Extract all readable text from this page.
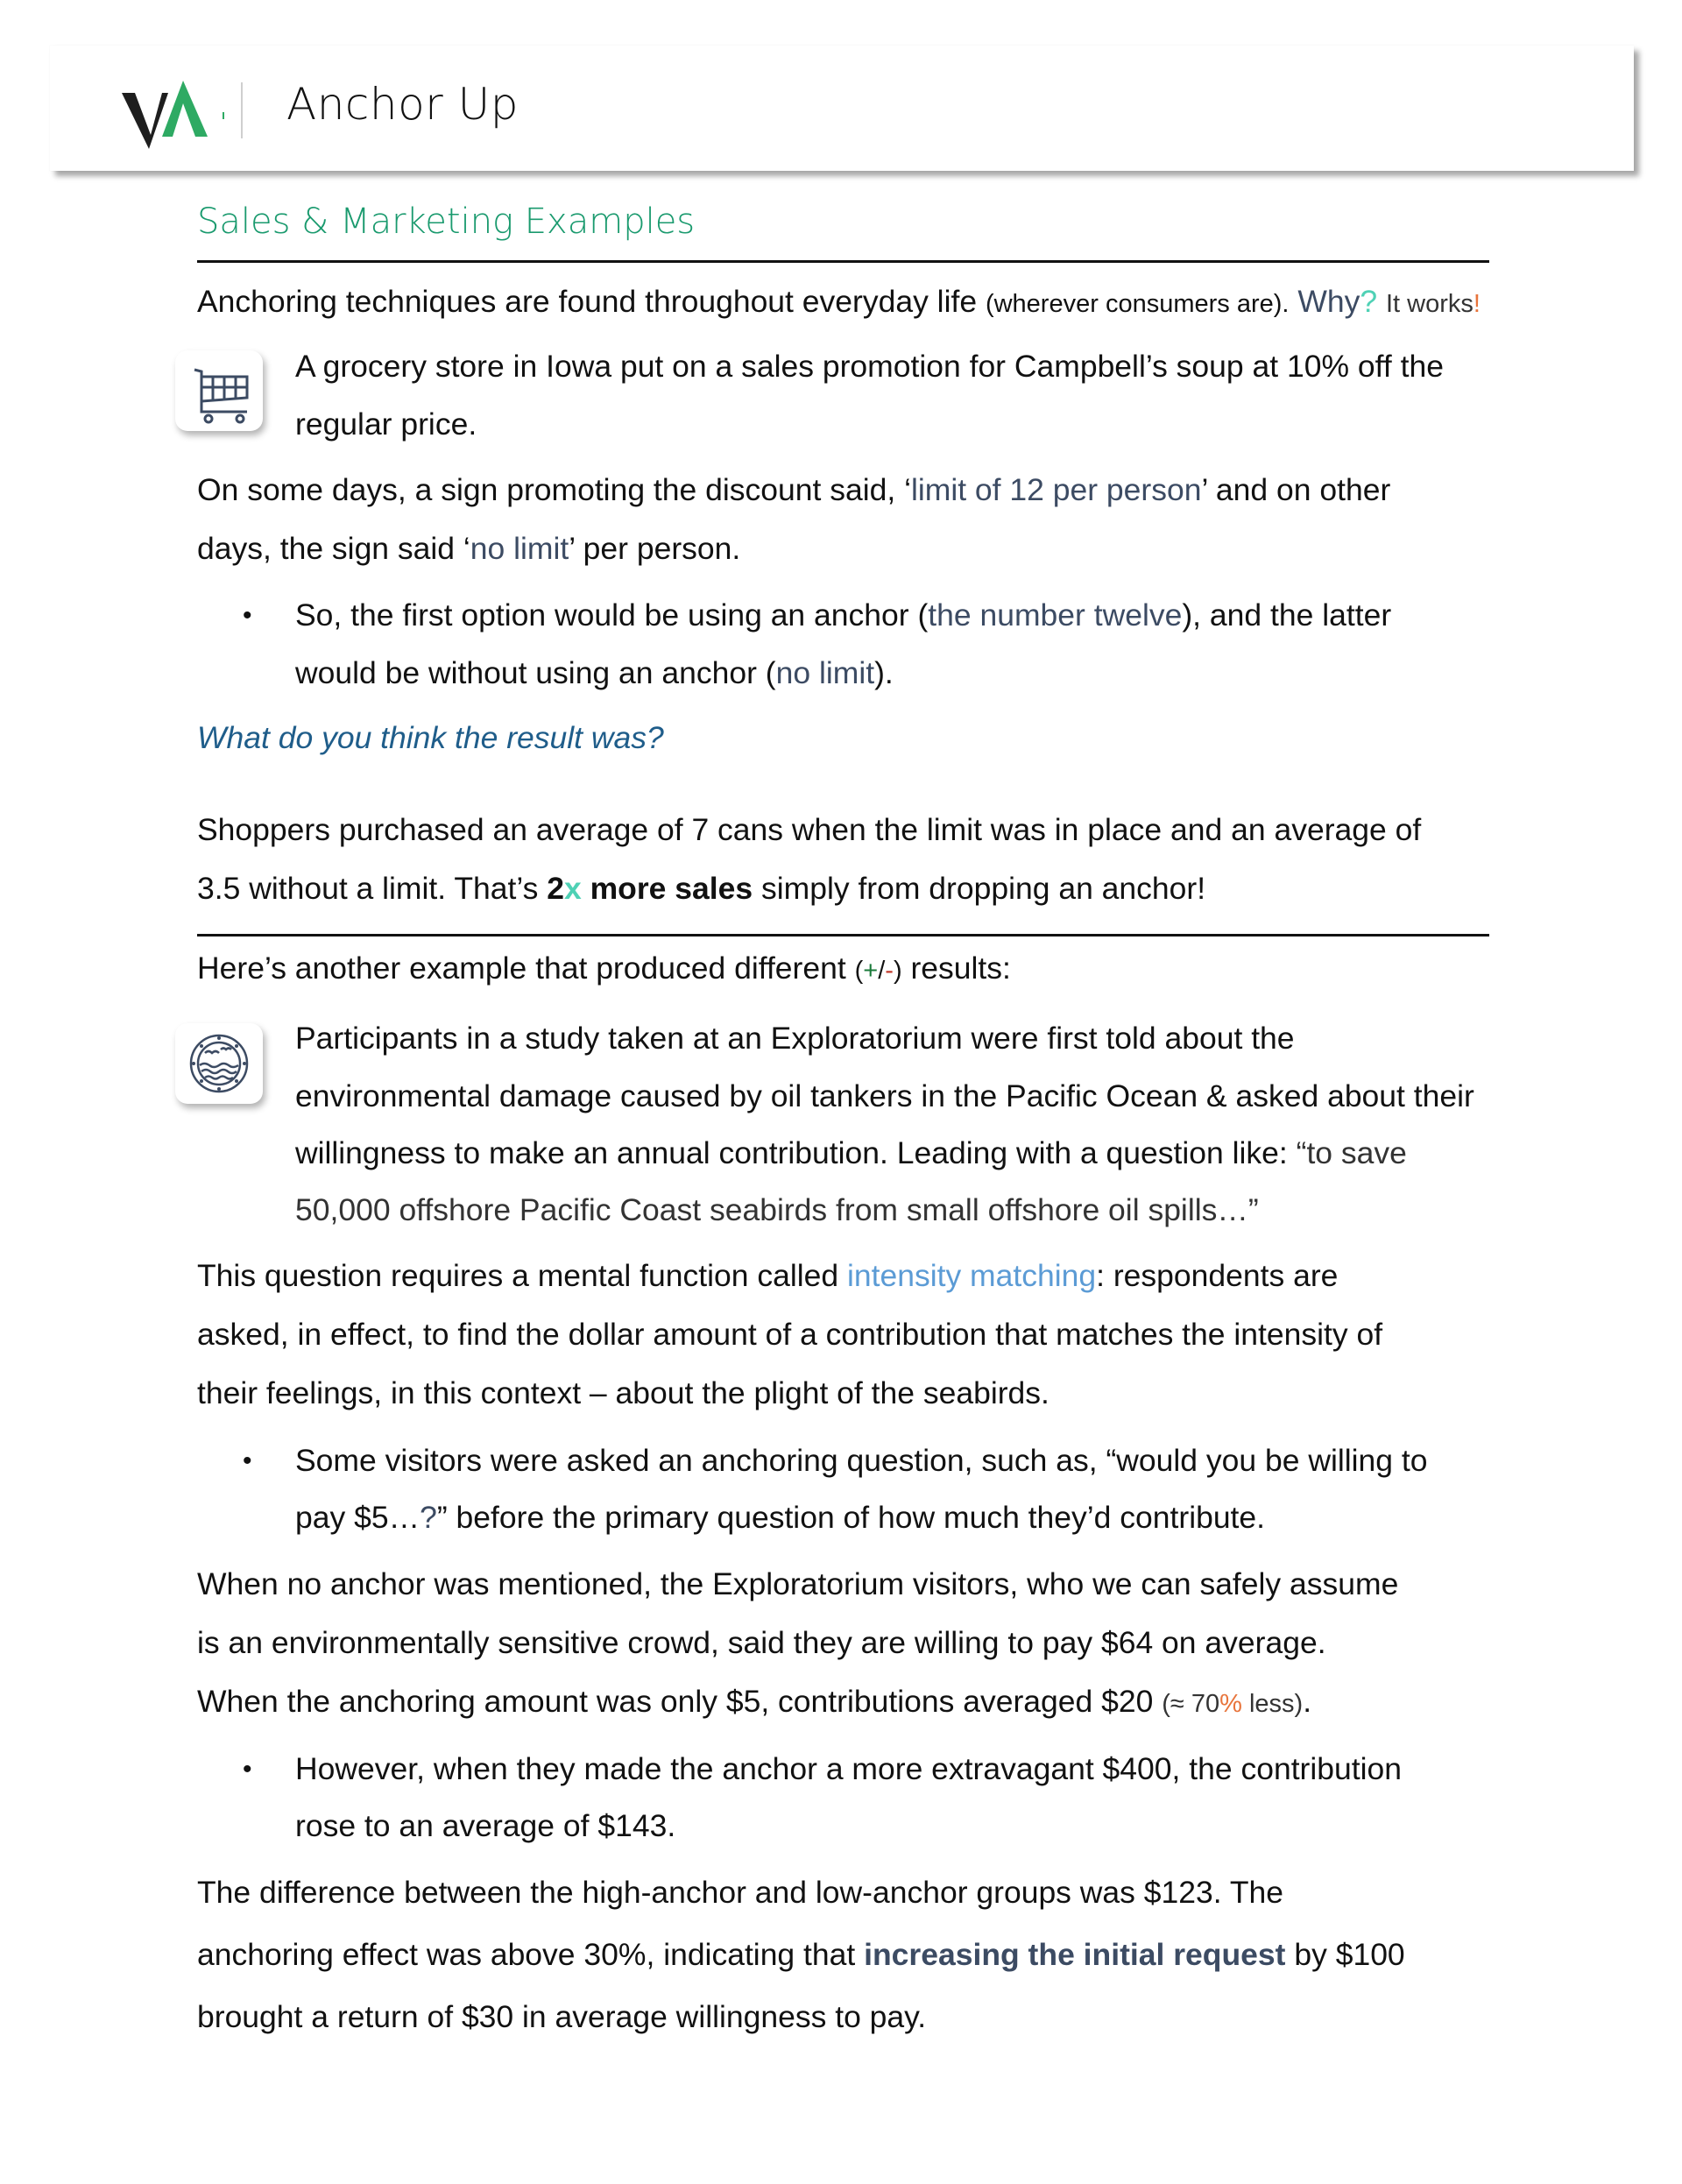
Anchor Up
Sales & Marketing Examples
Anchoring techniques are found throughout everyday life (wherever consumers are). Why? It works!
A grocery store in Iowa put on a sales promotion for Campbell’s soup at 10% off the
regular price.
On some days, a sign promoting the discount said, ‘limit of 12 per person’ and on other
days, the sign said ‘no limit’ per person.
• So, the first option would be using an anchor (the number twelve), and the latter
would be without using an anchor (no limit).
What do you think the result was?
Shoppers purchased an average of 7 cans when the limit was in place and an average of
3.5 without a limit. That’s 2x more sales simply from dropping an anchor!
Here’s another example that produced different (+/-) results:
Participants in a study taken at an Exploratorium were first told about the
environmental damage caused by oil tankers in the Pacific Ocean & asked about their
willingness to make an annual contribution. Leading with a question like: “to save
50,000 offshore Pacific Coast seabirds from small offshore oil spills…”
This question requires a mental function called intensity matching: respondents are
asked, in effect, to find the dollar amount of a contribution that matches the intensity of
their feelings, in this context – about the plight of the seabirds.
• Some visitors were asked an anchoring question, such as, “would you be willing to
pay $5…?” before the primary question of how much they’d contribute.
When no anchor was mentioned, the Exploratorium visitors, who we can safely assume
is an environmentally sensitive crowd, said they are willing to pay $64 on average.
When the anchoring amount was only $5, contributions averaged $20 (≈ 70% less).
• However, when they made the anchor a more extravagant $400, the contribution
rose to an average of $143.
The difference between the high-anchor and low-anchor groups was $123. The
anchoring effect was above 30%, indicating that increasing the initial request by $100
brought a return of $30 in average willingness to pay.
